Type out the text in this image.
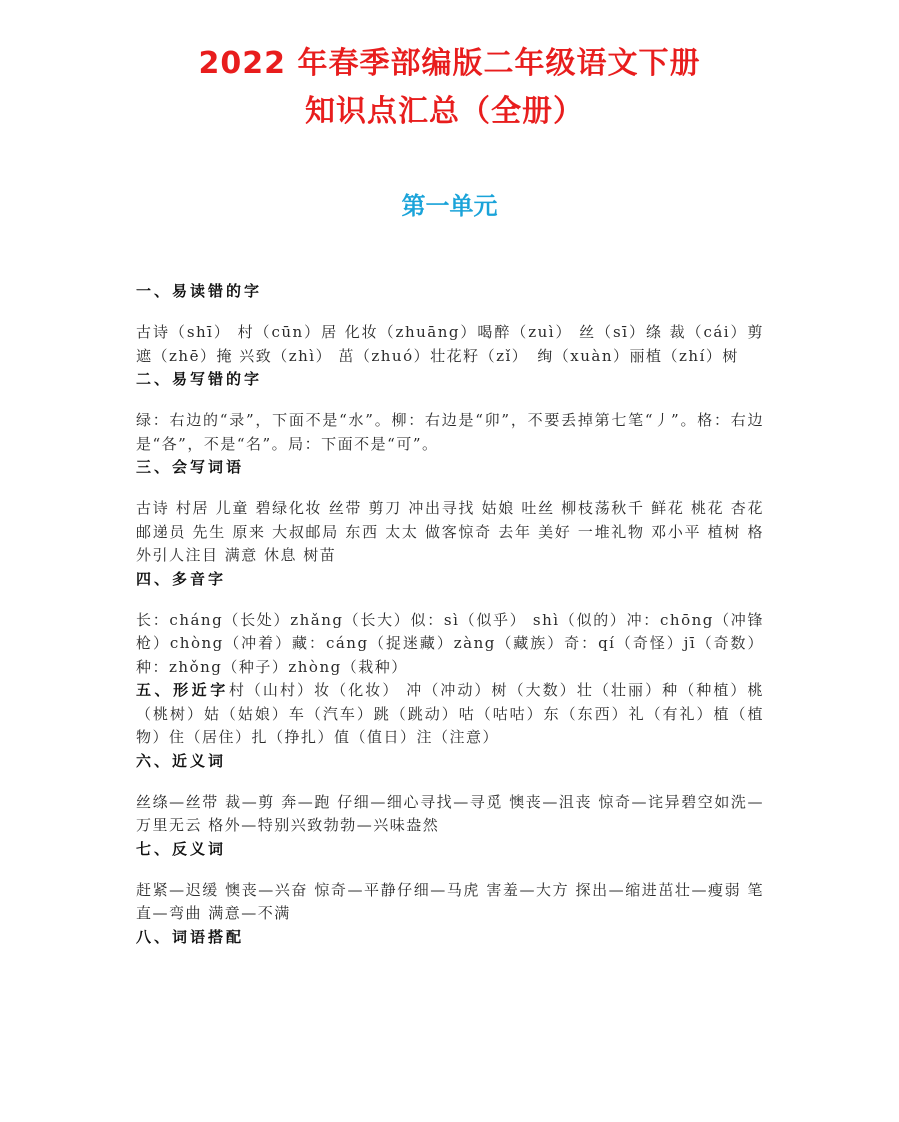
2022 年春季部编版二年级语文下册
知识点汇总（全册）
第一单元
一、易读错的字
古诗（shī） 村（cūn）居 化妆（zhuāng）喝醉（zuì） 丝（sī）绦 裁（cái）剪遮（zhē）掩 兴致（zhì） 茁（zhuó）壮花籽（zǐ）　绚（xuàn）丽植（zhí）树
二、易写错的字
绿：右边的“录”，下面不是“水”。柳：右边是“卯”，不要丢掉第七笔“丿”。格：右边是“各”，不是“名”。局：下面不是“可”。
三、会写词语
古诗 村居 儿童 碧绿化妆 丝带 剪刀 冲出寻找 姑娘 吐丝 柳枝荡秋千 鲜花 桃花 杏花邮递员 先生 原来 大叔邮局 东西 太太 做客惊奇 去年 美好 一堆礼物 邓小平 植树 格外引人注目 满意 休息 树苗
四、多音字
长：cháng（长处）zhǎng（长大）似：sì（似乎） shì（似的）冲：chōng（冲锋枪）chòng（冲着）藏：cáng（捉迷藏）zàng（藏族）奇：qí（奇怪）jī（奇数）种：zhǒng（种子）zhòng（栽种）
五、形近字村（山村）妆（化妆） 冲（冲动）树（大数）壮（壮丽）种（种植）桃（桃树）姑（姑娘）车（汽车）跳（跳动）咕（咕咕）东（东西）礼（有礼）植（植物）住（居住）扎（挣扎）值（值日）注（注意）
六、近义词
丝绦—丝带 裁—剪 奔—跑 仔细—细心寻找—寻觅 懊丧—沮丧 惊奇—诧异碧空如洗—万里无云 格外—特别兴致勃勃—兴味盎然
七、反义词
赶紧—迟缓 懊丧—兴奋 惊奇—平静仔细—马虎 害羞—大方 探出—缩进茁壮—瘦弱 笔直—弯曲 满意—不满
八、词语搭配
